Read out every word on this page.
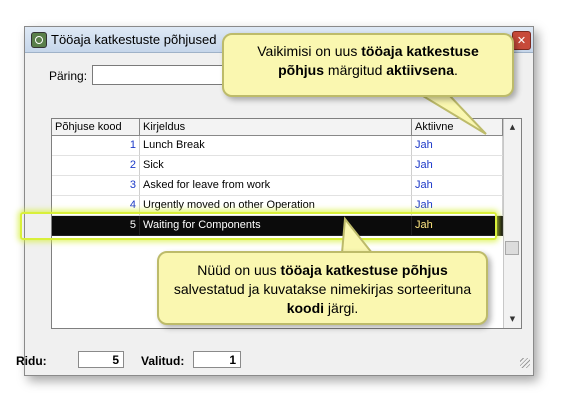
Tööaja katkestuste põhjused	✕
Päring:
Põhjuse kood	Kirjeldus	Aktiivne
1 Lunch Break	Jah
2 Sick	Jah
3 Asked for leave from work	Jah
4 Urgently moved on other Operation	Jah
5 Waiting for Components	Jah
▲
▼
Ridu:	5	Valitud:	1
Vaikimisi on uus tööaja katkestuse põhjus märgitud aktiivsena.
Nüüd on uus tööaja katkestuse põhjus salvestatud ja kuvatakse nimekirjas sorteerituna koodi järgi.
